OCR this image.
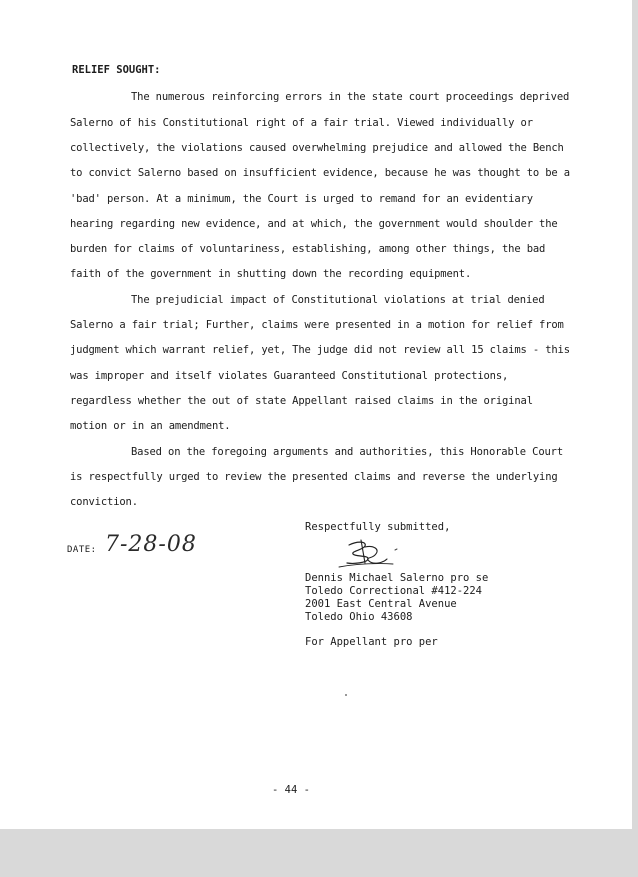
RELIEF SOUGHT:
The numerous reinforcing errors in the state court proceedings deprived
Salerno of his Constitutional right of a fair trial. Viewed individually or
collectively, the violations caused overwhelming prejudice and allowed the Bench
to convict Salerno based on insufficient evidence, because he was thought to be a
'bad' person. At a minimum, the Court is urged to remand for an evidentiary
hearing regarding new evidence, and at which, the government would shoulder the
burden for claims of voluntariness, establishing, among other things, the bad
faith of the government in shutting down the recording equipment.
The prejudicial impact of Constitutional violations at trial denied
Salerno a fair trial; Further, claims were presented in a motion for relief from
judgment which warrant relief, yet, The judge did not review all 15 claims - this
was improper and itself violates Guaranteed Constitutional protections,
regardless whether the out of state Appellant raised claims in the original
motion or in an amendment.
Based on the foregoing arguments and authorities, this Honorable Court
is respectfully urged to review the presented claims and reverse the underlying
conviction.
Respectfully submitted,
DATE: 7-28-08
Dennis Michael Salerno pro se
Toledo Correctional #412-224
2001 East Central Avenue
Toledo Ohio 43608
For Appellant pro per
- 44 -
